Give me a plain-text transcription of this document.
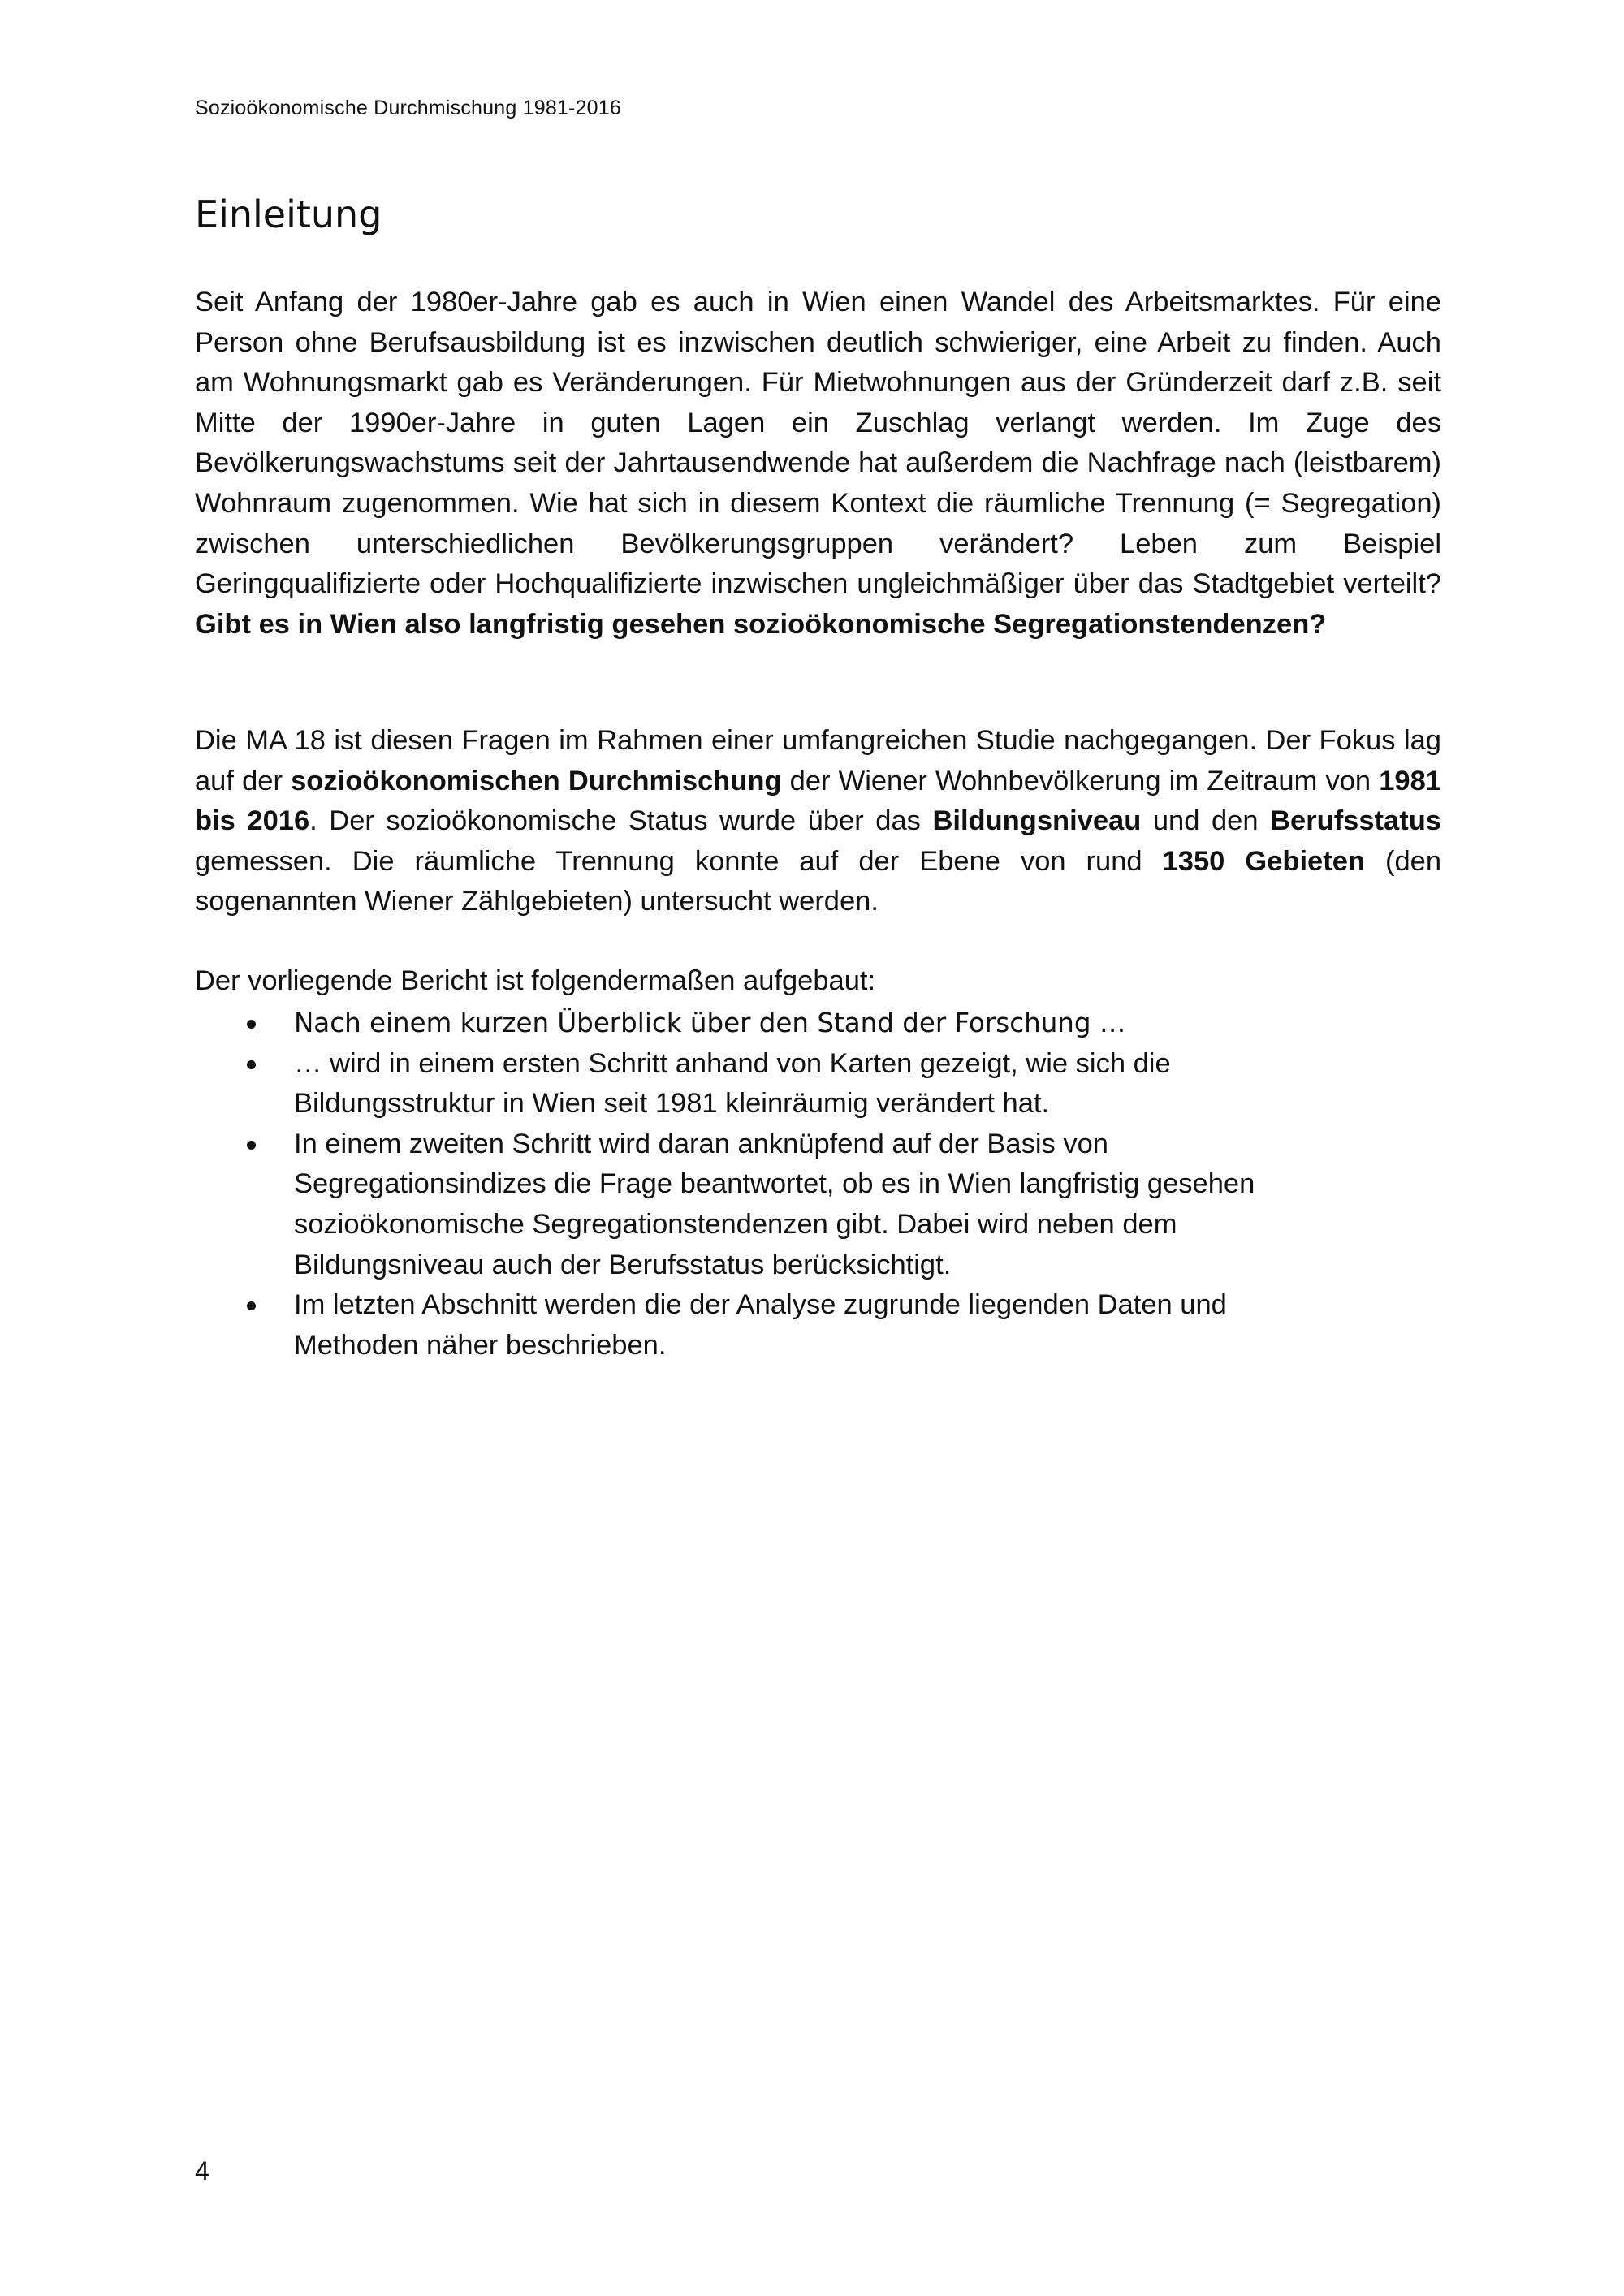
Sozioökonomische Durchmischung 1981-2016
Einleitung

Seit Anfang der 1980er-Jahre gab es auch in Wien einen Wandel des Arbeitsmarktes. Für eine Person ohne Berufsausbildung ist es inzwischen deutlich schwieriger, eine Arbeit zu finden. Auch am Wohnungsmarkt gab es Veränderungen. Für Mietwohnungen aus der Gründerzeit darf z.B. seit Mitte der 1990er-Jahre in guten Lagen ein Zuschlag verlangt werden. Im Zuge des Bevölkerungswachstums seit der Jahrtausendwende hat außerdem die Nachfrage nach (leistbarem) Wohnraum zugenommen. Wie hat sich in diesem Kontext die räumliche Trennung (= Segregation) zwischen unterschiedlichen Bevölkerungsgruppen verändert? Leben zum Beispiel Geringqualifizierte oder Hochqualifizierte inzwischen ungleichmäßiger über das Stadtgebiet verteilt? Gibt es in Wien also langfristig gesehen sozioökonomische Segregationstendenzen?

Die MA 18 ist diesen Fragen im Rahmen einer umfangreichen Studie nachgegangen. Der Fokus lag auf der sozioökonomischen Durchmischung der Wiener Wohnbevölkerung im Zeitraum von 1981 bis 2016. Der sozioökonomische Status wurde über das Bildungsniveau und den Berufsstatus gemessen. Die räumliche Trennung konnte auf der Ebene von rund 1350 Gebieten (den sogenannten Wiener Zählgebieten) untersucht werden.

Der vorliegende Bericht ist folgendermaßen aufgebaut:

Nach einem kurzen Überblick über den Stand der Forschung …
… wird in einem ersten Schritt anhand von Karten gezeigt, wie sich die Bildungsstruktur in Wien seit 1981 kleinräumig verändert hat.
In einem zweiten Schritt wird daran anknüpfend auf der Basis von Segregationsindizes die Frage beantwortet, ob es in Wien langfristig gesehen sozioökonomische Segregationstendenzen gibt. Dabei wird neben dem Bildungsniveau auch der Berufsstatus berücksichtigt.
Im letzten Abschnitt werden die der Analyse zugrunde liegenden Daten und Methoden näher beschrieben.
4
